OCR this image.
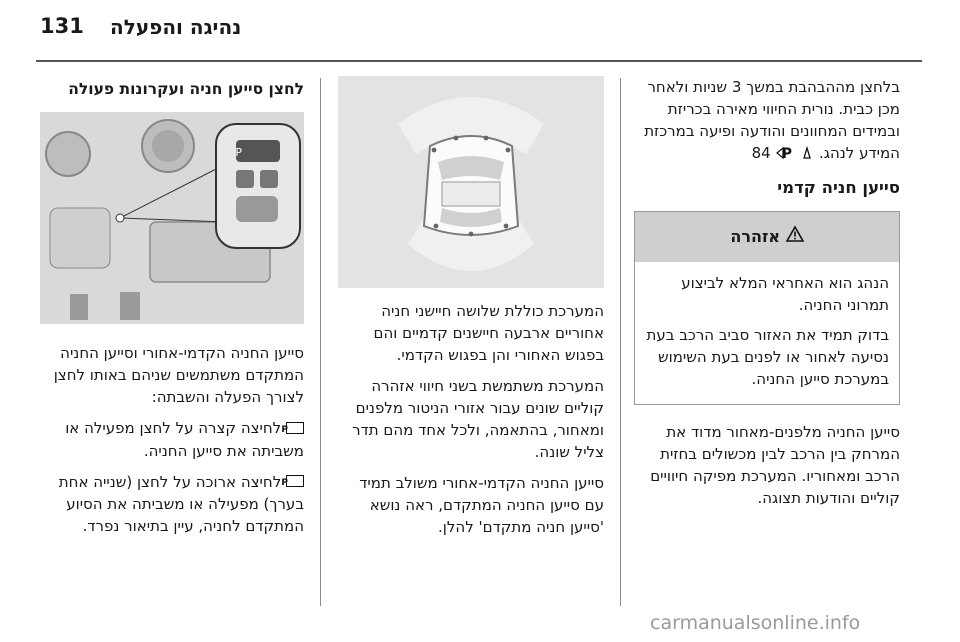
131 נהיגה והפעלה

בלחצן מההבהבת במשך 3 שניות ולאחר מכן כבית. נורית החיווי מאירה בכריזת ובמידים המחוונים והודעה ופיעה במרכזת המידע לנהג.
P
84

סייען חניה קדמי
אזהרה

הנהג הוא האחראי המלא לביצוע תמרוני החניה.

בדוק תמיד את האזור סביב הרכב בעת נסיעה לאחור או לפנים בעת השימוש במערכת סייען החניה.

סייען החניה מלפנים-מאחור מדוד את המרחק בין הרכב לבין מכשולים בחזית הרכב ומאחוריו. המערכת מפיקה חיוויים קוליים והודעות תצוגה.

המערכת כוללת שלושה חיישני חניה אחוריים ארבעה חיישנים קדמיים והם בפגוש האחורי והן בפגוש הקדמי.

המערכת משתמשת בשני חיווי אזהרה קוליים שונים עבור אזורי הניטור מלפנים ומאחור, בהתאמה, ולכל אחד מהם תדר צליל שונה.

סייען החניה הקדמי-אחורי משולב תמיד עם סייען החניה המתקדם, ראה נושא 'סייען חניה מתקדם' להלן.

לחצן סייען חניה ועקרונות פעולה
P

סייען החניה הקדמי-אחורי וסייען החניה המתקדם משתמשים שניהם באותו לחצן לצורך הפעלה והשבתה:

P
לחיצה קצרה על לחצן מפעילה או משביתה את סייען החניה.

P
לחיצה ארוכה על לחצן (שנייה אחת בערך) מפעילה או משביתה את הסיוע המתקדם לחניה, עיין בתיאור נפרד.

carmanualsonline.info
